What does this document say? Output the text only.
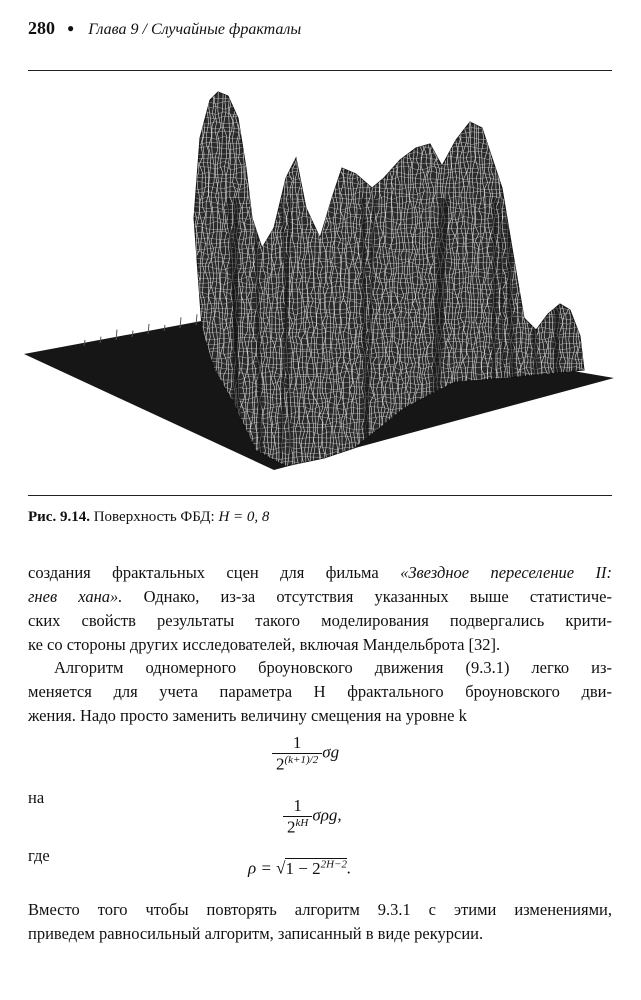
280 ● Глава 9 / Случайные фракталы
Рис. 9.14. Поверхность ФБД: H = 0, 8
создания фрактальных сцен для фильма «Звездное переселение II:
гнев хана». Однако, из-за отсутствия указанных выше статистиче-
ских свойств результаты такого моделирования подвергались крити-
ке со стороны других исследователей, включая Мандельброта [32].
Алгоритм одномерного броуновского движения (9.3.1) легко из-
меняется для учета параметра H фрактального броуновского дви-
жения. Надо просто заменить величину смещения на уровне k
$\frac{1}{2^{(k+1)/2}}$ σg
на	$\frac{1}{2^{kH}} \sigma\rho g$,
где
$\rho = √1 - 2^{2H-2}$.
Вместо того чтобы повторять алгоритм 9.3.1 с этими изменениями,
приведем равносильный алгоритм, записанный в виде рекурсии.
